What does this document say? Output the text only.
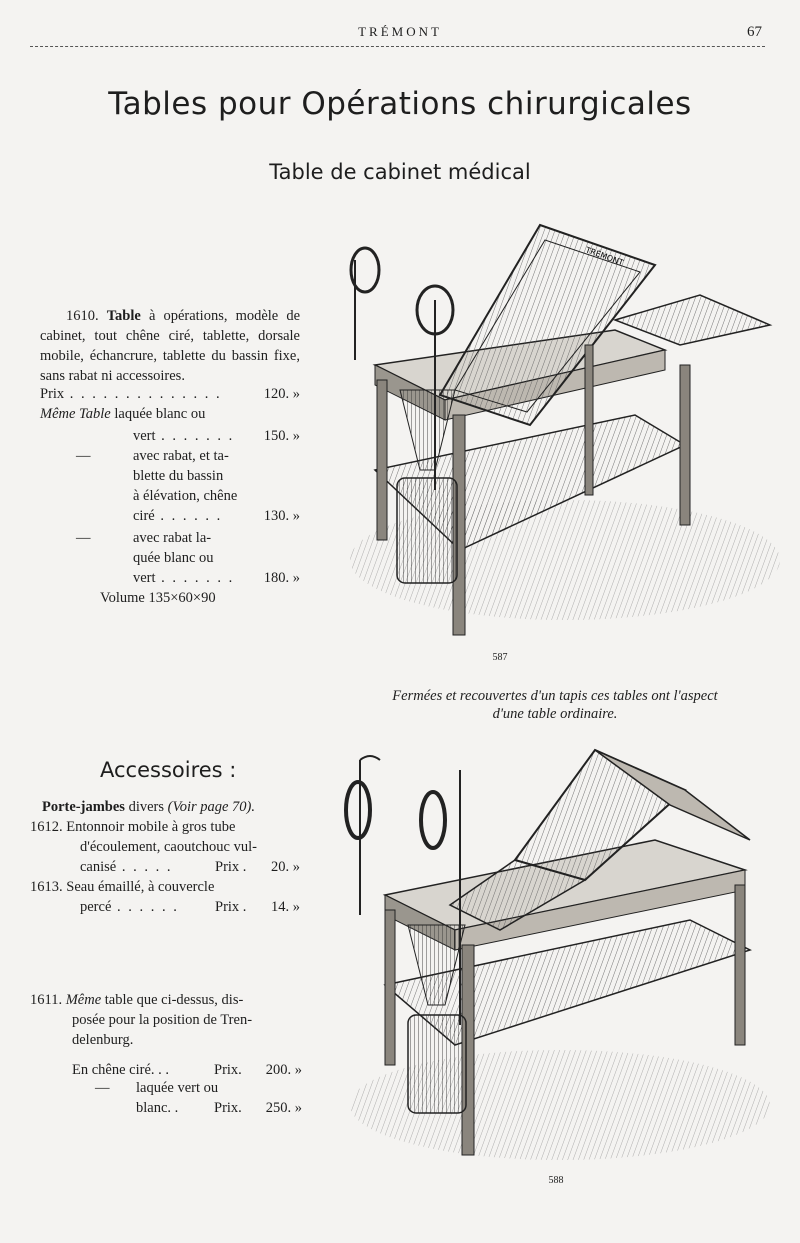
TRÉMONT	67
Tables pour Opérations chirurgicales
Table de cabinet médical
1610. Table à opérations, modèle de cabinet, tout chêne ciré, tablette, dorsale mobile, échancrure, tablette du bassin fixe, sans rabat ni accessoires.
Prix . . . . . . . . . . . . . .	120. »
Même Table laquée blanc ou
vert . . . . . . . 150. »
—	avec rabat, et ta-
blette du bassin
à élévation, chêne
ciré . . . . . .	130. »
—	avec rabat la-
quée blanc ou
vert . . . . . . . 180. »
Volume 135×60×90
TRÉMONT
587
Fermées et recouvertes d'un tapis ces tables ont l'aspect
d'une table ordinaire.
Accessoires :
Porte-jambes divers (Voir page 70).
1612. Entonnoir mobile à gros tube
d'écoulement, caoutchouc vul-
canisé . . . . .	Prix . 20. »
1613. Seau émaillé, à couvercle
percé . . . . . . Prix . 14. »
1611. Même table que ci-dessus, dis-
posée pour la position de Tren-
delenburg.
En chêne ciré. . .	Prix. 200. »
— laquée vert ou
blanc. . Prix. 250. »
588
